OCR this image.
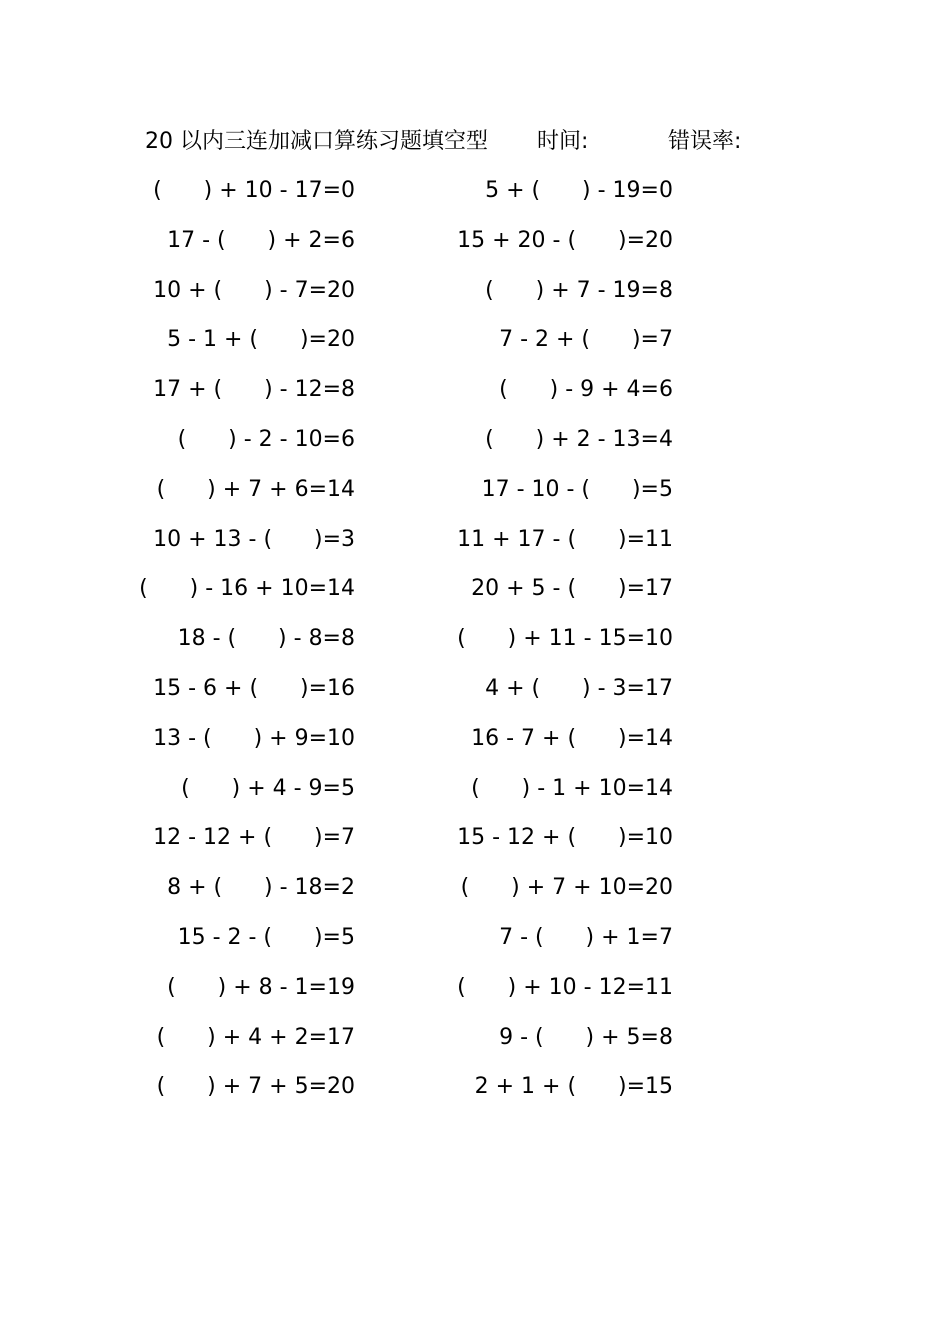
20 以内三连加减口算练习题填空型 时间:	错误率:
(      ) + 10 - 17=0	5 + (      ) - 19=0
17 - (      ) + 2=6	15 + 20 - (      )=20
10 + (      ) - 7=20	(      ) + 7 - 19=8
5 - 1 + (      )=20	7 - 2 + (      )=7
17 + (      ) - 12=8	(      ) - 9 + 4=6
(      ) - 2 - 10=6	(      ) + 2 - 13=4
(      ) + 7 + 6=14	17 - 10 - (      )=5
10 + 13 - (      )=3	11 + 17 - (      )=11
(      ) - 16 + 10=14	20 + 5 - (      )=17
18 - (      ) - 8=8	(      ) + 11 - 15=10
15 - 6 + (      )=16	4 + (      ) - 3=17
13 - (      ) + 9=10	16 - 7 + (      )=14
(      ) + 4 - 9=5	(      ) - 1 + 10=14
12 - 12 + (      )=7	15 - 12 + (      )=10
8 + (      ) - 18=2	(      ) + 7 + 10=20
15 - 2 - (      )=5	7 - (      ) + 1=7
(      ) + 8 - 1=19	(      ) + 10 - 12=11
(      ) + 4 + 2=17	9 - (      ) + 5=8
(      ) + 7 + 5=20	2 + 1 + (      )=15
